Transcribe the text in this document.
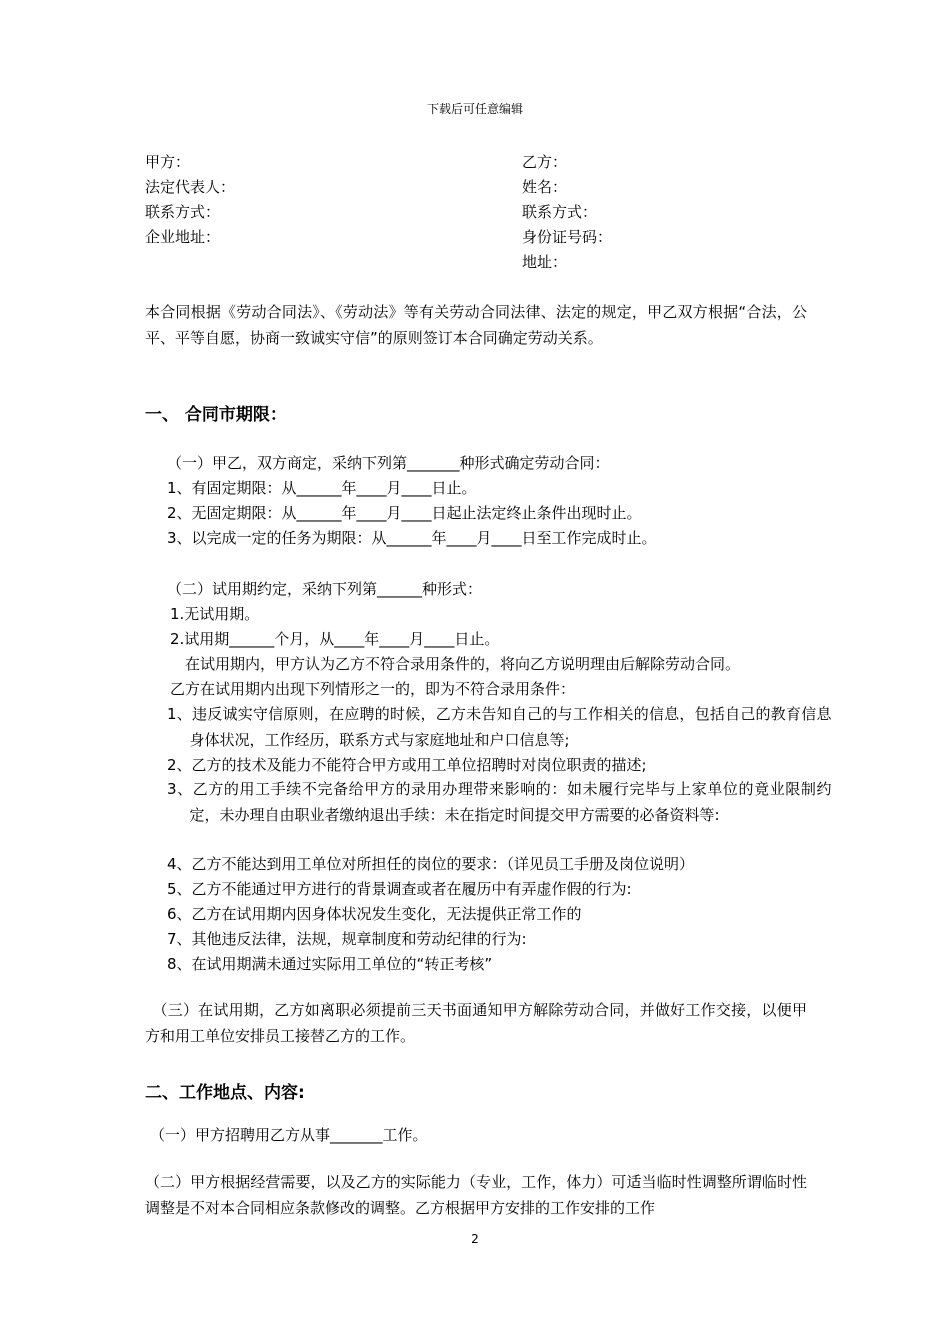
下载后可任意编辑
甲方：
法定代表人：
联系方式：
企业地址：
乙方：
姓名：
联系方式：
身份证号码：
地址：
本合同根据《劳动合同法》、《劳动法》等有关劳动合同法律、法定的规定，甲乙双方根据“合法，公平、平等自愿，协商一致诚实守信”的原则签订本合同确定劳动关系。
一、 合同市期限：
（一）甲乙，双方商定，采纳下列第_______种形式确定劳动合同：
1、有固定期限：从______年____月____日止。
2、无固定期限：从______年____月____日起止法定终止条件出现时止。
3、以完成一定的任务为期限：从______年____月____日至工作完成时止。
（二）试用期约定，采纳下列第______种形式：
1.无试用期。
2.试用期______个月，从____年____月____日止。
在试用期内，甲方认为乙方不符合录用条件的，将向乙方说明理由后解除劳动合同。
乙方在试用期内出现下列情形之一的，即为不符合录用条件：
1、违反诚实守信原则，在应聘的时候，乙方未告知自己的与工作相关的信息，包括自己的教育信息身体状况，工作经历，联系方式与家庭地址和户口信息等;
2、乙方的技术及能力不能符合甲方或用工单位招聘时对岗位职责的描述;
3、乙方的用工手续不完备给甲方的录用办理带来影响的：如未履行完毕与上家单位的竟业限制约定，未办理自由职业者缴纳退出手续：未在指定时间提交甲方需要的必备资料等:
4、乙方不能达到用工单位对所担任的岗位的要求：（详见员工手册及岗位说明）
5、乙方不能通过甲方进行的背景调查或者在履历中有弄虚作假的行为:
6、乙方在试用期内因身体状况发生变化，无法提供正常工作的
7、其他违反法律，法规，规章制度和劳动纪律的行为:
8、在试用期满未通过实际用工单位的“转正考核”
（三）在试用期，乙方如离职必须提前三天书面通知甲方解除劳动合同，并做好工作交接，以便甲方和用工单位安排员工接替乙方的工作。
二、工作地点、内容:
（一）甲方招聘用乙方从事_______工作。
（二）甲方根据经营需要，以及乙方的实际能力（专业，工作，体力）可适当临时性调整所谓临时性调整是不对本合同相应条款修改的调整。乙方根据甲方安排的工作安排的工作
2
